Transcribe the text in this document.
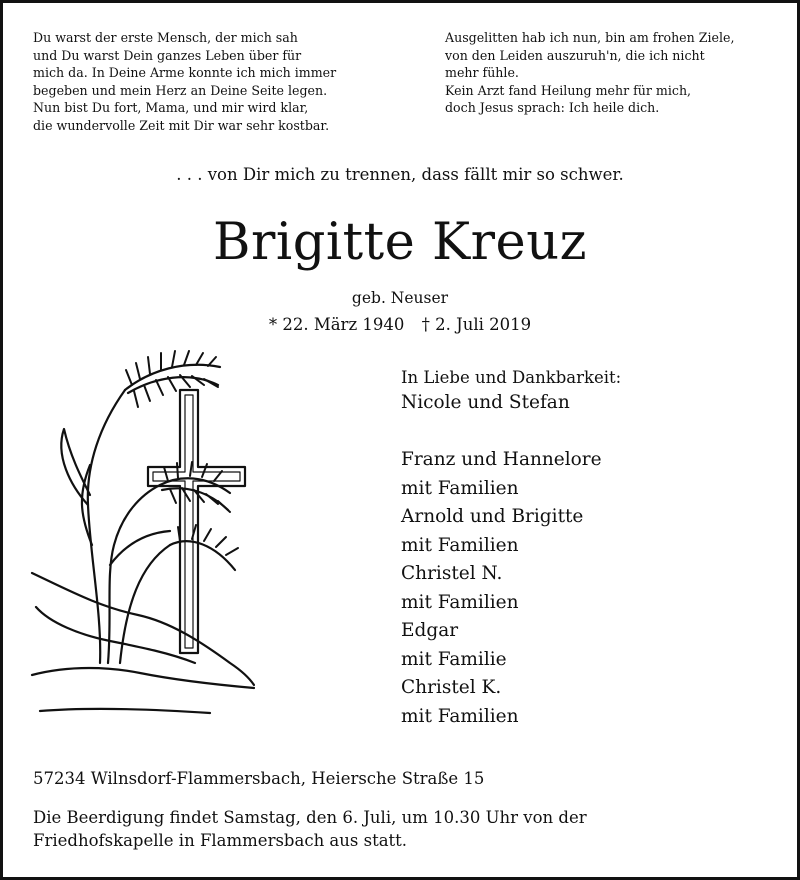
Du warst der erste Mensch, der mich sah
und Du warst Dein ganzes Leben über für
mich da. In Deine Arme konnte ich mich immer
begeben und mein Herz an Deine Seite legen.
Nun bist Du fort, Mama, und mir wird klar,
die wundervolle Zeit mit Dir war sehr kostbar.
Ausgelitten hab ich nun, bin am frohen Ziele,
von den Leiden auszuruh'n, die ich nicht
mehr fühle.
Kein Arzt fand Heilung mehr für mich,
doch Jesus sprach: Ich heile dich.
. . . von Dir mich zu trennen, dass fällt mir so schwer.
Brigitte Kreuz
geb. Neuser
* 22. März 1940 † 2. Juli 2019
In Liebe und Dankbarkeit:
Nicole und Stefan
Franz und Hannelore
mit Familien
Arnold und Brigitte
mit Familien
Christel N.
mit Familien
Edgar
mit Familie
Christel K.
mit Familien
57234 Wilnsdorf-Flammersbach, Heiersche Straße 15
Die Beerdigung findet Samstag, den 6. Juli, um 10.30 Uhr von der
Friedhofskapelle in Flammersbach aus statt.
